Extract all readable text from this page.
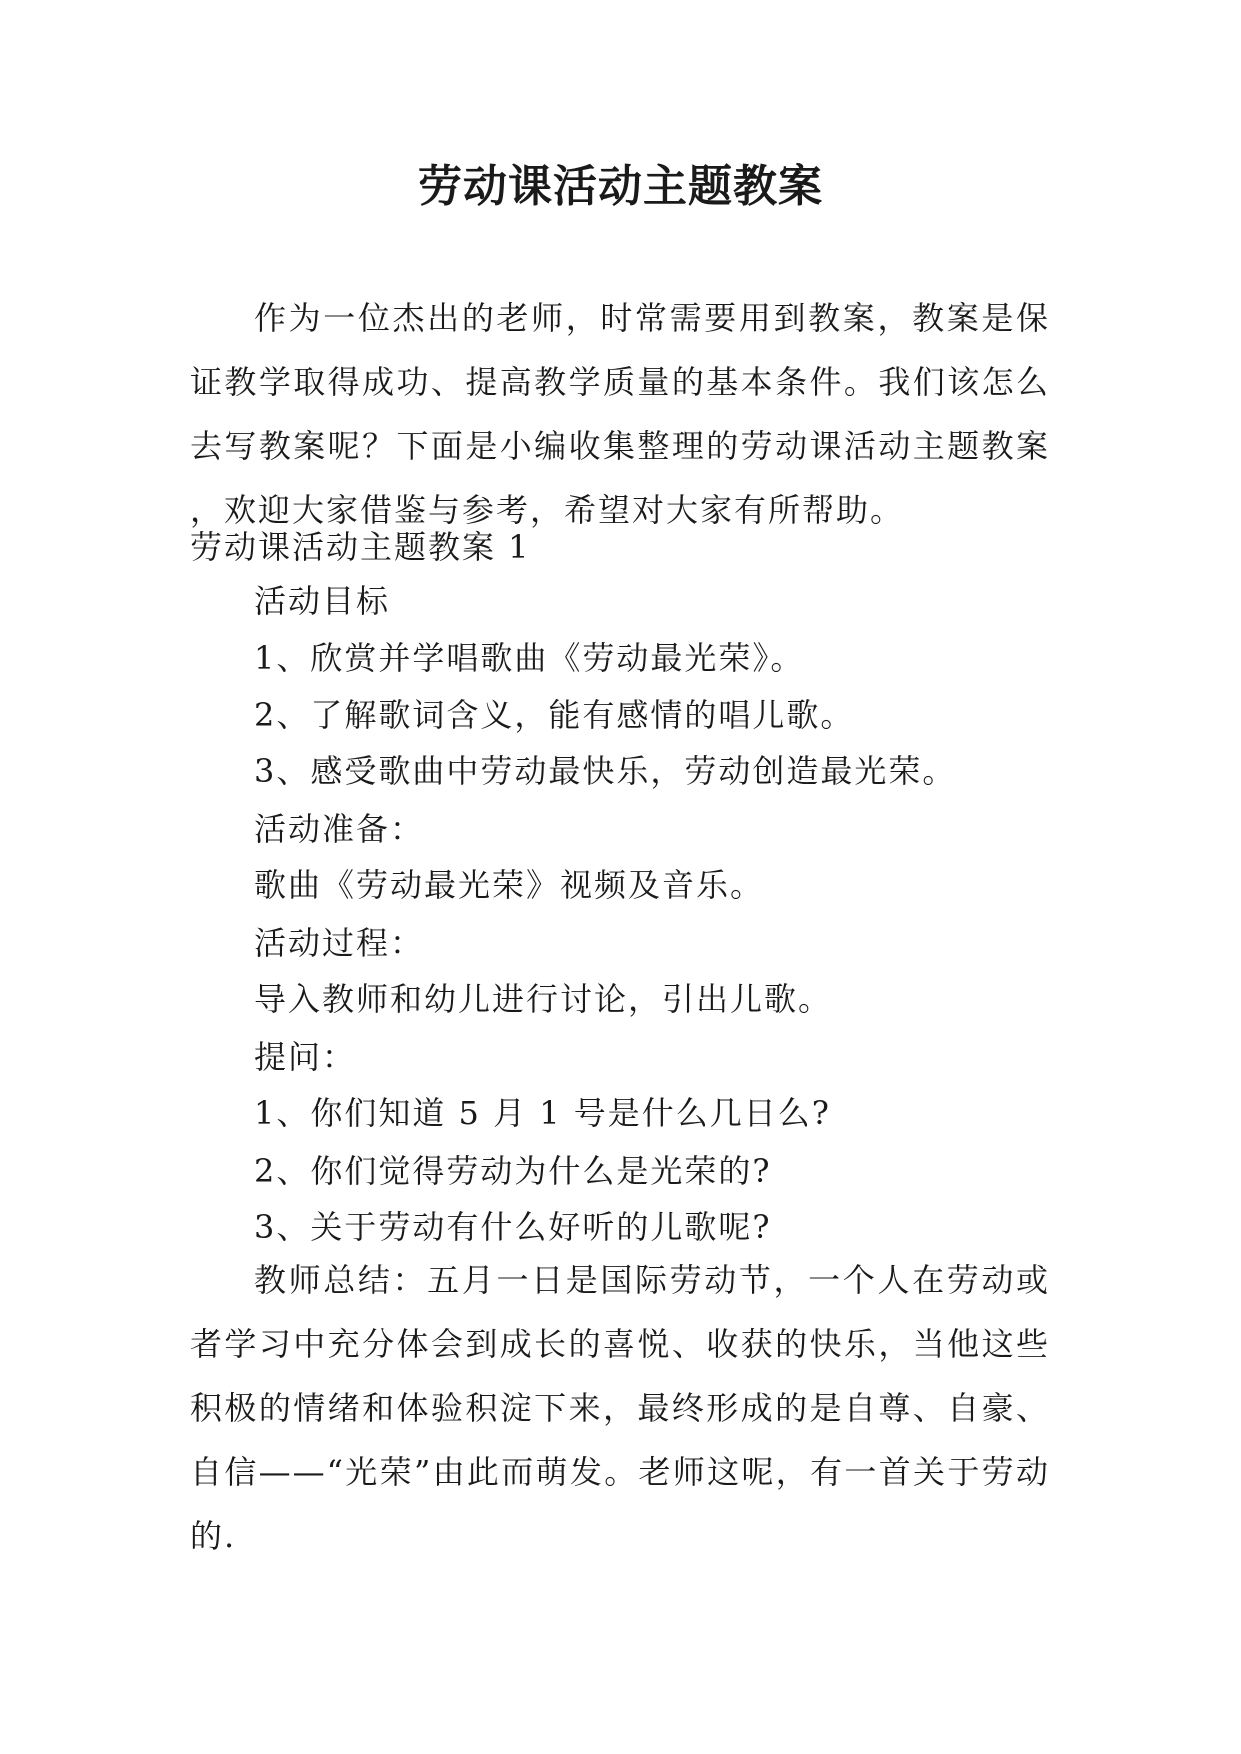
劳动课活动主题教案
作为一位杰出的老师，时常需要用到教案，教案是保证教学取得成功、提高教学质量的基本条件。我们该怎么去写教案呢？下面是小编收集整理的劳动课活动主题教案 ，欢迎大家借鉴与参考，希望对大家有所帮助。
劳动课活动主题教案 1
活动目标
1、欣赏并学唱歌曲《劳动最光荣》。
2、了解歌词含义，能有感情的唱儿歌。
3、感受歌曲中劳动最快乐，劳动创造最光荣。
活动准备：
歌曲《劳动最光荣》视频及音乐。
活动过程：
导入教师和幼儿进行讨论，引出儿歌。
提问：
1、你们知道 5 月 1 号是什么几日么?
2、你们觉得劳动为什么是光荣的?
3、关于劳动有什么好听的儿歌呢?
教师总结：五月一日是国际劳动节，一个人在劳动或者学习中充分体会到成长的喜悦、收获的快乐，当他这些积极的情绪和体验积淀下来，最终形成的是自尊、自豪、自信——“光荣”由此而萌发。老师这呢，有一首关于劳动的.
